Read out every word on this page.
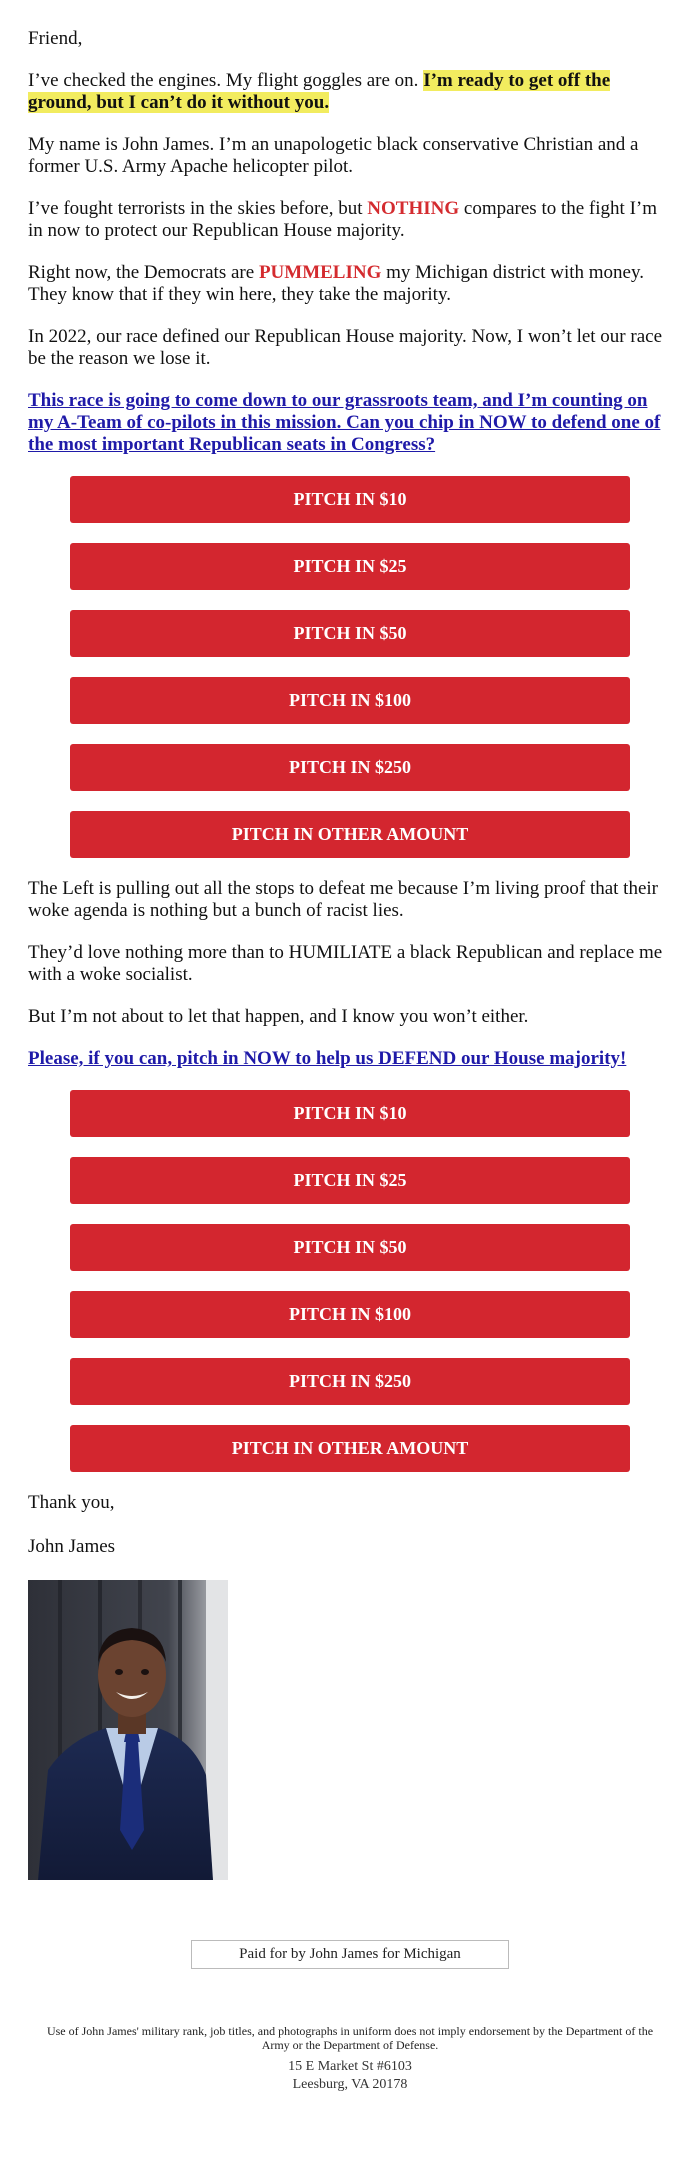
Friend,

I’ve checked the engines. My flight goggles are on. I’m ready to get off the ground, but I can’t do it without you.

My name is John James. I’m an unapologetic black conservative Christian and a former U.S. Army Apache helicopter pilot.

I’ve fought terrorists in the skies before, but NOTHING compares to the fight I’m in now to protect our Republican House majority.

Right now, the Democrats are PUMMELING my Michigan district with money. They know that if they win here, they take the majority.

In 2022, our race defined our Republican House majority. Now, I won’t let our race be the reason we lose it.

This race is going to come down to our grassroots team, and I’m counting on my A-Team of co-pilots in this mission. Can you chip in NOW to defend one of the most important Republican seats in Congress?
PITCH IN $10
PITCH IN $25
PITCH IN $50
PITCH IN $100
PITCH IN $250
PITCH IN OTHER AMOUNT

The Left is pulling out all the stops to defeat me because I’m living proof that their woke agenda is nothing but a bunch of racist lies.

They’d love nothing more than to HUMILIATE a black Republican and replace me with a woke socialist.

But I’m not about to let that happen, and I know you won’t either.

Please, if you can, pitch in NOW to help us DEFEND our House majority!
PITCH IN $10
PITCH IN $25
PITCH IN $50
PITCH IN $100
PITCH IN $250
PITCH IN OTHER AMOUNT

Thank you,

John James

Paid for by John James for Michigan
Use of John James' military rank, job titles, and photographs in uniform does not imply endorsement by the Department of the Army or the Department of Defense.
15 E Market St #6103
Leesburg, VA 20178
